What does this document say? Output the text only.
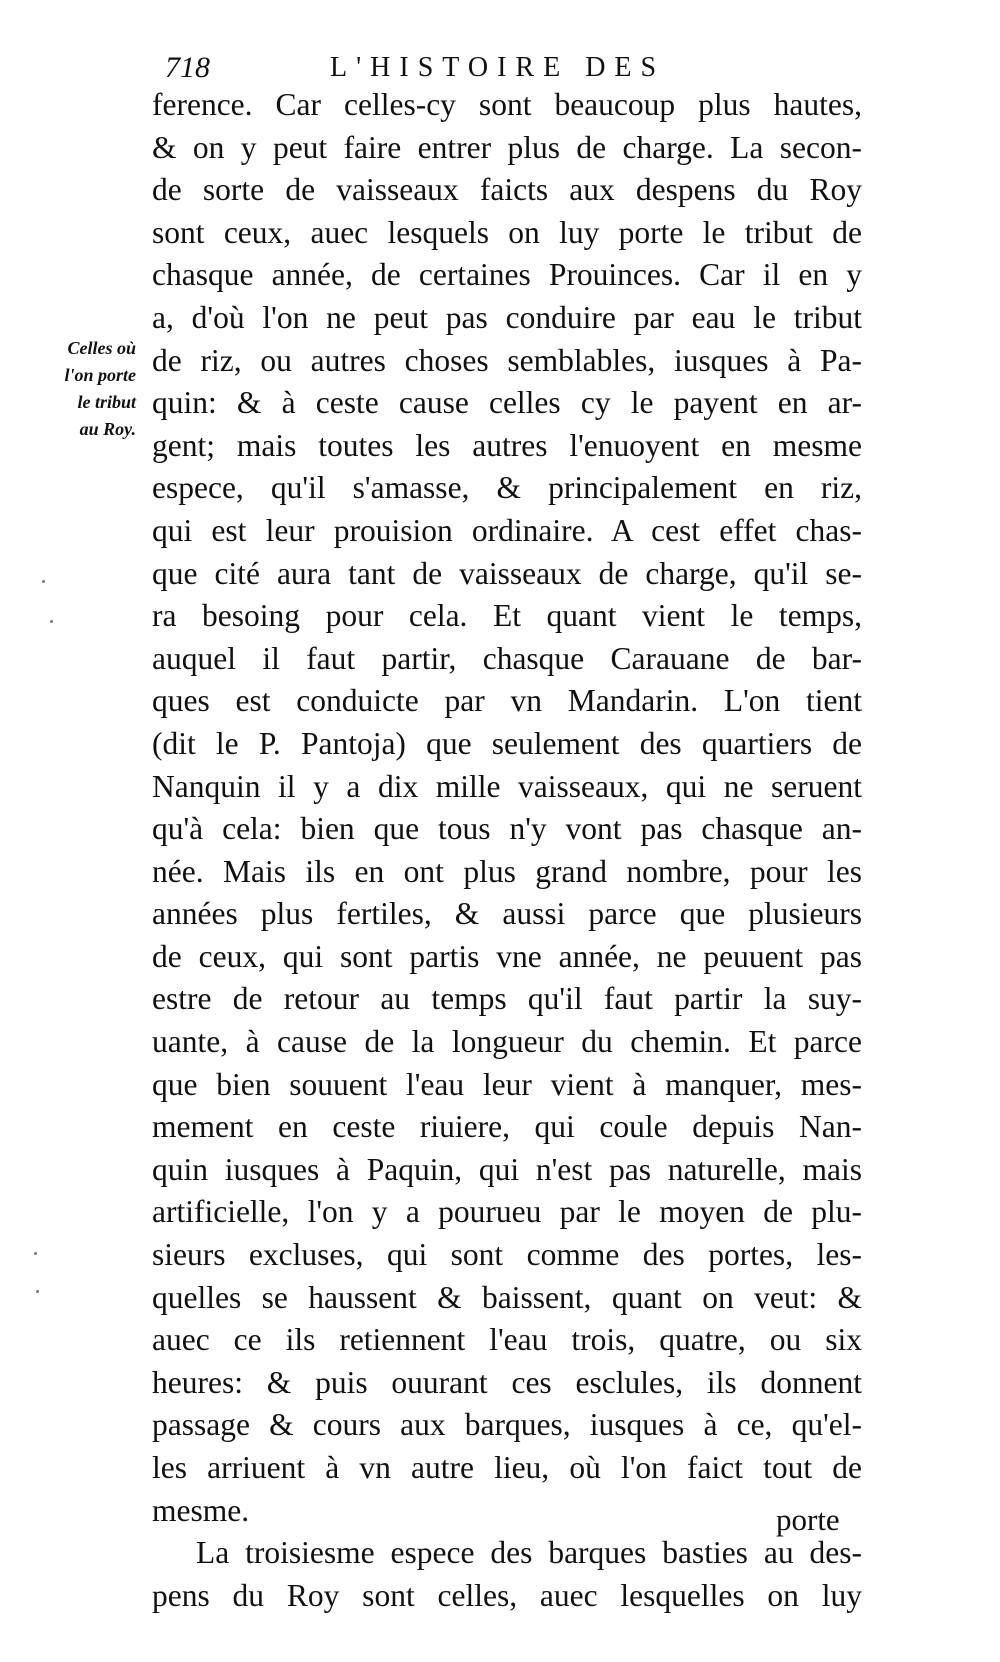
718	L'HISTOIRE DES
Celles où
l'on porte
le tribut
au Roy.
ference. Car celles-cy sont beaucoup plus hautes,
& on y peut faire entrer plus de charge. La secon-
de sorte de vaisseaux faicts aux despens du Roy
sont ceux, auec lesquels on luy porte le tribut de
chasque année, de certaines Prouinces. Car il en y
a, d'où l'on ne peut pas conduire par eau le tribut
de riz, ou autres choses semblables, iusques à Pa-
quin: & à ceste cause celles cy le payent en ar-
gent; mais toutes les autres l'enuoyent en mesme
espece, qu'il s'amasse, & principalement en riz,
qui est leur prouision ordinaire. A cest effet chas-
que cité aura tant de vaisseaux de charge, qu'il se-
ra besoing pour cela. Et quant vient le temps,
auquel il faut partir, chasque Carauane de bar-
ques est conduicte par vn Mandarin. L'on tient
(dit le P. Pantoja) que seulement des quartiers de
Nanquin il y a dix mille vaisseaux, qui ne seruent
qu'à cela: bien que tous n'y vont pas chasque an-
née. Mais ils en ont plus grand nombre, pour les
années plus fertiles, & aussi parce que plusieurs
de ceux, qui sont partis vne année, ne peuuent pas
estre de retour au temps qu'il faut partir la suy-
uante, à cause de la longueur du chemin. Et parce
que bien souuent l'eau leur vient à manquer, mes-
mement en ceste riuiere, qui coule depuis Nan-
quin iusques à Paquin, qui n'est pas naturelle, mais
artificielle, l'on y a pourueu par le moyen de plu-
sieurs excluses, qui sont comme des portes, les-
quelles se haussent & baissent, quant on veut: &
auec ce ils retiennent l'eau trois, quatre, ou six
heures: & puis ouurant ces esclules, ils donnent
passage & cours aux barques, iusques à ce, qu'el-
les arriuent à vn autre lieu, où l'on faict tout de
mesme.
La troisiesme espece des barques basties au des-
pens du Roy sont celles, auec lesquelles on luy
porte
